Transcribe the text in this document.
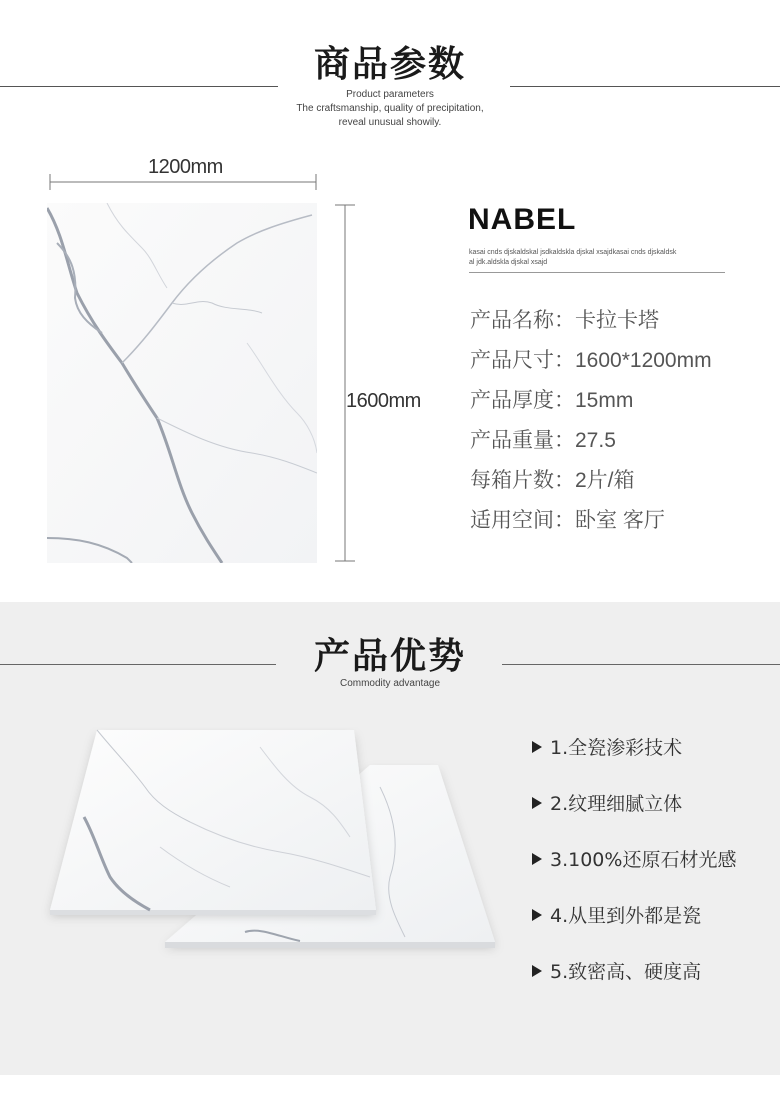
商品参数
Product parameters
The craftsmanship, quality of precipitation,
reveal unusual showily.
1200mm
1600mm
NABEL
kasai cnds djskaldskal jsdkaldskla djskal xsajdkasai cnds djskaldsk
al jdk.aldskla djskal xsajd
产品名称：卡拉卡塔
产品尺寸：1600*1200mm
产品厚度：15mm
产品重量：27.5
每箱片数：2片/箱
适用空间：卧室 客厅
产品优势
Commodity advantage
1.全瓷渗彩技术
2.纹理细腻立体
3.100%还原石材光感
4.从里到外都是瓷
5.致密高、硬度高
